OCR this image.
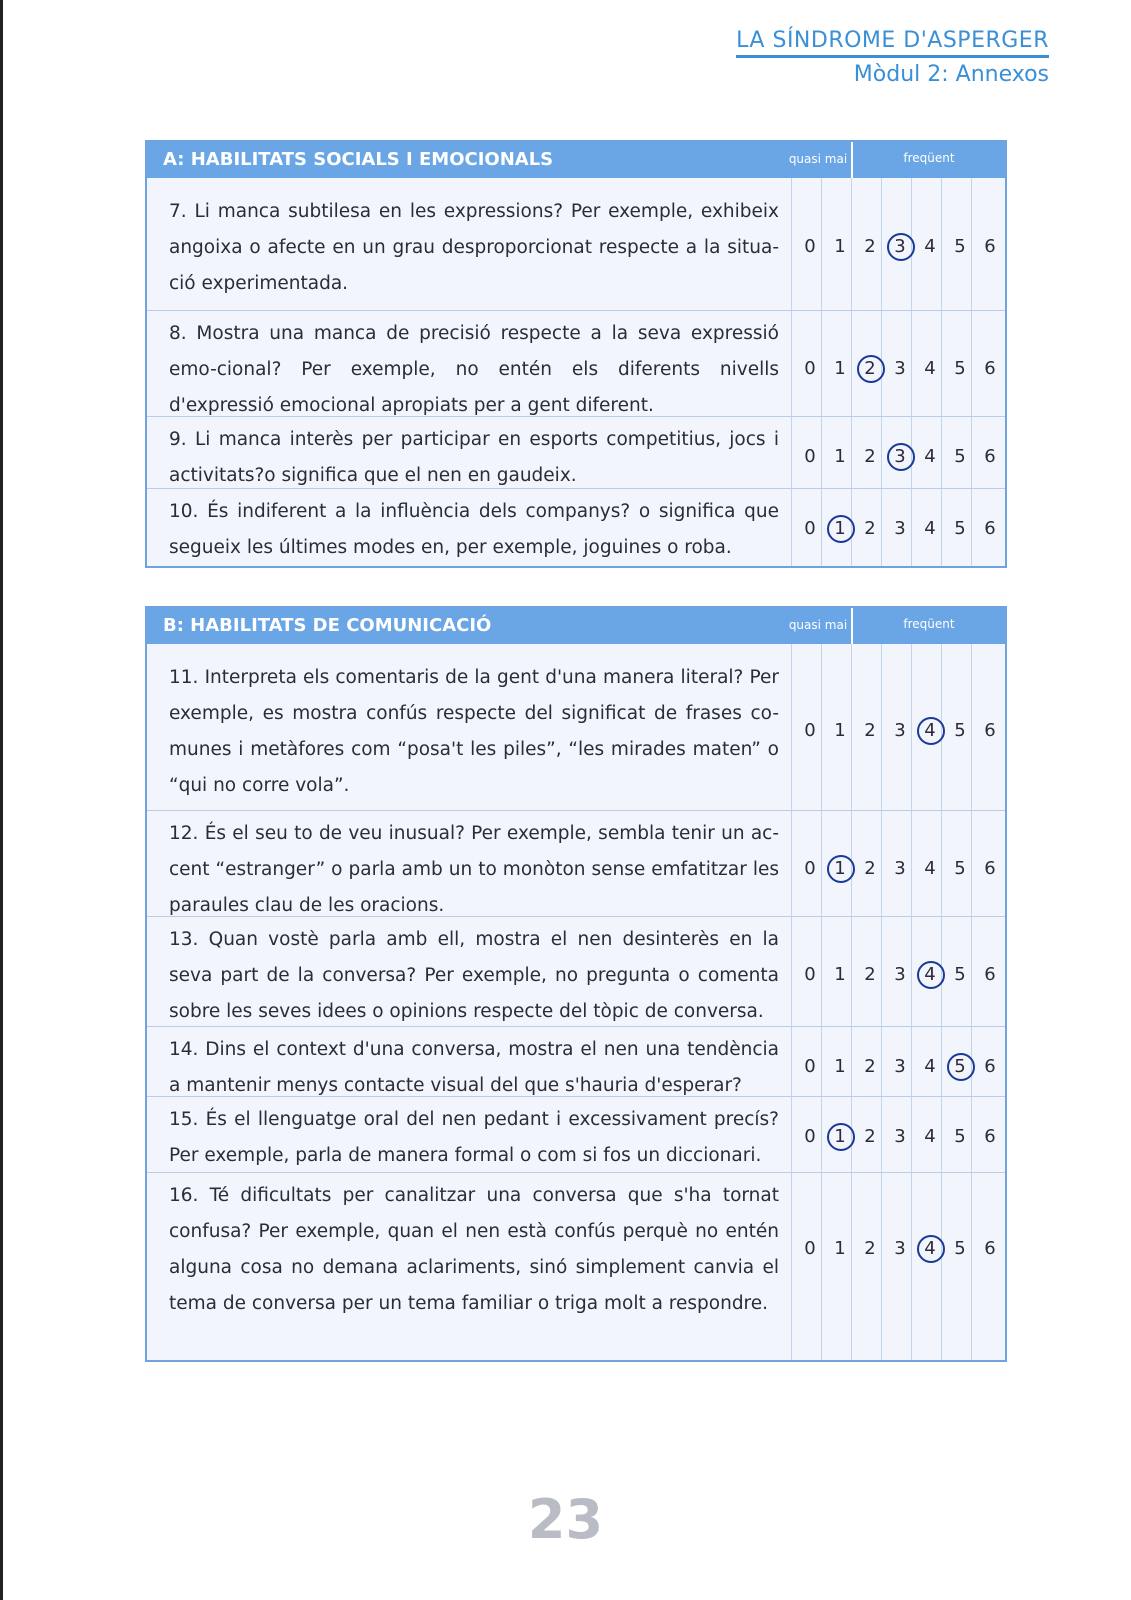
LA SÍNDROME D'ASPERGER
Mòdul 2: Annexos
A: HABILITATS SOCIALS I EMOCIONALS	quasi mai	freqüent
7. Li manca subtilesa en les expressions? Per exemple, exhibeix angoixa o afecte en un grau desproporcionat respecte a la situa-ció experimentada.
0	1	2	3	4	5	6
8. Mostra una manca de precisió respecte a la seva expressió emo-cional? Per exemple, no entén els diferents nivells d'expressió emocional apropiats per a gent diferent.
0	1	2	3	4	5	6
9. Li manca interès per participar en esports competitius, jocs i activitats?o significa que el nen en gaudeix.
0	1	2	3	4	5	6
10. És indiferent a la influència dels companys? o significa que segueix les últimes modes en, per exemple, joguines o roba.
0	1	2	3	4	5	6
B: HABILITATS DE COMUNICACIÓ	quasi mai	freqüent
11. Interpreta els comentaris de la gent d'una manera literal? Per exemple, es mostra confús respecte del significat de frases co-munes i metàfores com “posa't les piles”, “les mirades maten” o “qui no corre vola”.
0	1	2	3	4	5	6
12. És el seu to de veu inusual? Per exemple, sembla tenir un ac-cent “estranger” o parla amb un to monòton sense emfatitzar les paraules clau de les oracions.
0	1	2	3	4	5	6
13. Quan vostè parla amb ell, mostra el nen desinterès en la seva part de la conversa? Per exemple, no pregunta o comenta sobre les seves idees o opinions respecte del tòpic de conversa.
0	1	2	3	4	5	6
14. Dins el context d'una conversa, mostra el nen una tendència a mantenir menys contacte visual del que s'hauria d'esperar?
0	1	2	3	4	5	6
15. És el llenguatge oral del nen pedant i excessivament precís? Per exemple, parla de manera formal o com si fos un diccionari.
0	1	2	3	4	5	6
16. Té dificultats per canalitzar una conversa que s'ha tornat confusa? Per exemple, quan el nen està confús perquè no entén alguna cosa no demana aclariments, sinó simplement canvia el tema de conversa per un tema familiar o triga molt a respondre.
0	1	2	3	4	5	6
23
